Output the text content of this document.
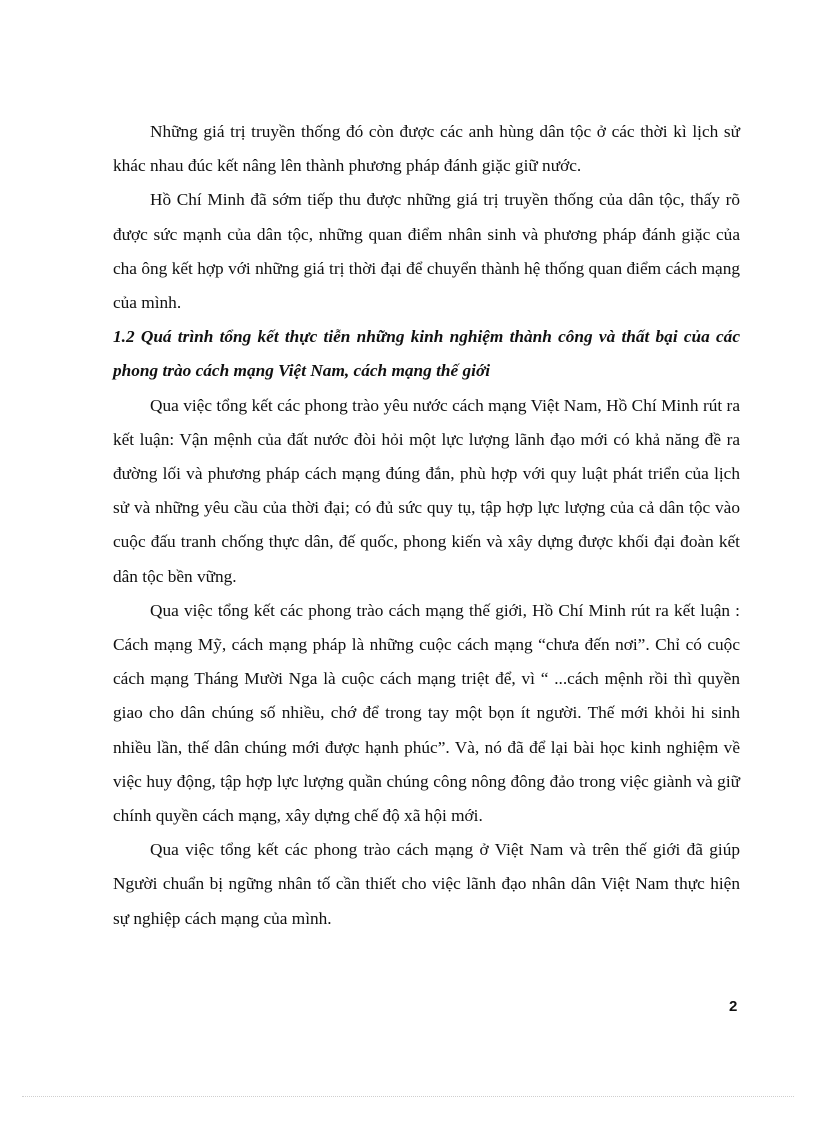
Những giá trị truyền thống đó còn được các anh hùng dân tộc ở các thời kì lịch sử khác nhau đúc kết nâng lên thành phương pháp đánh giặc giữ nước.

Hồ Chí Minh đã sớm tiếp thu được những giá trị truyền thống của dân tộc, thấy rõ được sức mạnh của dân tộc, những quan điểm nhân sinh và phương pháp đánh giặc của cha ông kết hợp với những giá trị thời đại để chuyển thành hệ thống quan điểm cách mạng của mình.

1.2 Quá trình tổng kết thực tiễn những kinh nghiệm thành công và thất bại của các phong trào cách mạng Việt Nam, cách mạng thế giới

Qua việc tổng kết các phong trào yêu nước cách mạng Việt Nam, Hồ Chí Minh rút ra kết luận: Vận mệnh của đất nước đòi hỏi một lực lượng lãnh đạo mới có khả năng đề ra đường lối và phương pháp cách mạng đúng đắn, phù hợp với quy luật phát triển của lịch sử và những yêu cầu của thời đại; có đủ sức quy tụ, tập hợp lực lượng của cả dân tộc vào cuộc đấu tranh chống thực dân, đế quốc, phong kiến và xây dựng được khối đại đoàn kết dân tộc bền vững.

Qua việc tổng kết các phong trào cách mạng thế giới, Hồ Chí Minh rút ra kết luận : Cách mạng Mỹ, cách mạng pháp là những cuộc cách mạng “chưa đến nơi”. Chỉ có cuộc cách mạng Tháng Mười Nga là cuộc cách mạng triệt để, vì “ ...cách mệnh rồi thì quyền giao cho dân chúng số nhiều, chớ để trong tay một bọn ít người. Thế mới khỏi hi sinh nhiều lần, thế dân chúng mới được hạnh phúc”. Và, nó đã để lại bài học kinh nghiệm về việc huy động, tập hợp lực lượng quần chúng công nông đông đảo trong việc giành và giữ chính quyền cách mạng, xây dựng chế độ xã hội mới.

Qua việc tổng kết các phong trào cách mạng ở Việt Nam và trên thế giới đã giúp Người chuẩn bị ngững nhân tố cần thiết cho việc lãnh đạo nhân dân Việt Nam thực hiện sự nghiệp cách mạng của mình.

2
